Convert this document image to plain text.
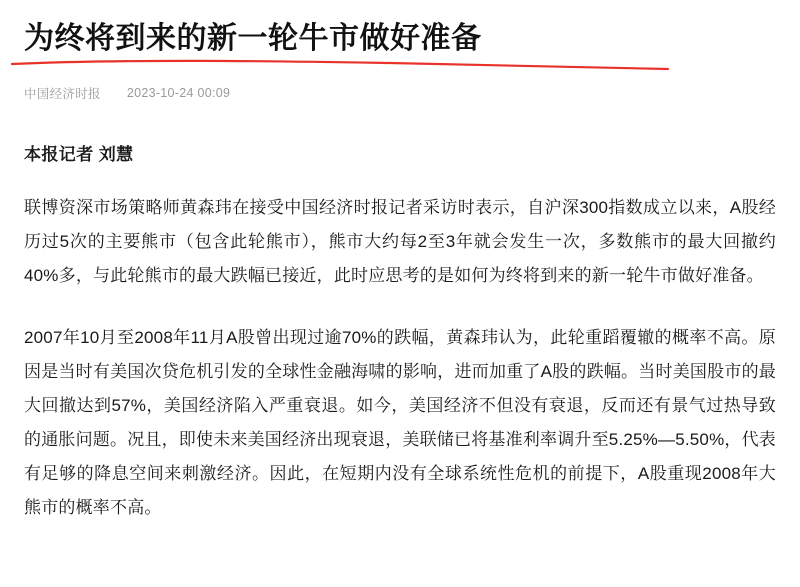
为终将到来的新一轮牛市做好准备
中国经济时报 2023-10-24 00:09
本报记者 刘慧

联博资深市场策略师黄森玮在接受中国经济时报记者采访时表示，自沪深300指数成立以来，A股经历过5次的主要熊市（包含此轮熊市），熊市大约每2至3年就会发生一次，多数熊市的最大回撤约40%多，与此轮熊市的最大跌幅已接近，此时应思考的是如何为终将到来的新一轮牛市做好准备。

2007年10月至2008年11月A股曾出现过逾70%的跌幅，黄森玮认为，此轮重蹈覆辙的概率不高。原因是当时有美国次贷危机引发的全球性金融海啸的影响，进而加重了A股的跌幅。当时美国股市的最大回撤达到57%，美国经济陷入严重衰退。如今，美国经济不但没有衰退，反而还有景气过热导致的通胀问题。况且，即使未来美国经济出现衰退，美联储已将基准利率调升至5.25%—5.50%，代表有足够的降息空间来刺激经济。因此，在短期内没有全球系统性危机的前提下，A股重现2008年大熊市的概率不高。
